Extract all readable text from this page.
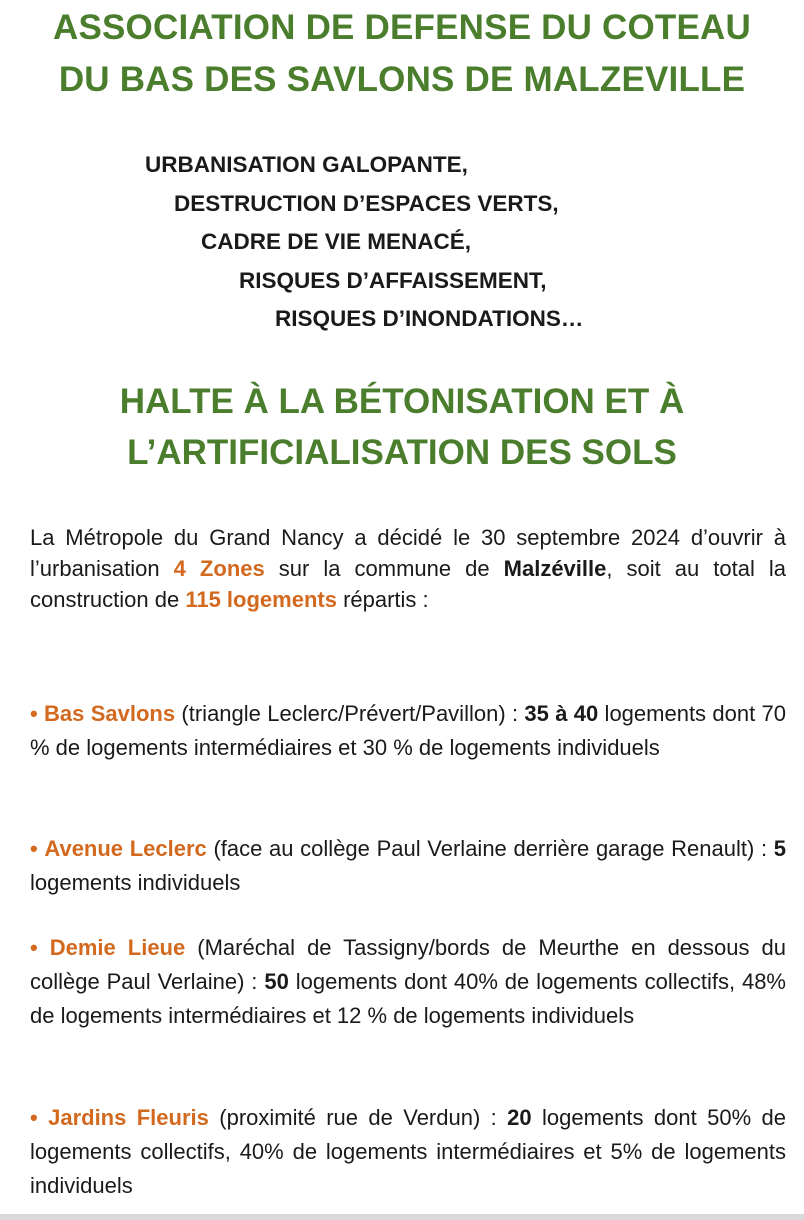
ASSOCIATION DE DEFENSE DU COTEAU
DU BAS DES SAVLONS DE MALZEVILLE
URBANISATION GALOPANTE,
DESTRUCTION D’ESPACES VERTS,
CADRE DE VIE MENACÉ,
RISQUES D’AFFAISSEMENT,
RISQUES D’INONDATIONS…
HALTE À LA BÉTONISATION ET À
L’ARTIFICIALISATION DES SOLS
La Métropole du Grand Nancy a décidé le 30 septembre 2024 d’ouvrir à l’urbanisation 4 Zones sur la commune de Malzéville, soit au total la construction de 115 logements répartis :

• Bas Savlons (triangle Leclerc/Prévert/Pavillon) : 35 à 40 logements dont 70 % de logements intermédiaires et 30 % de logements individuels

• Avenue Leclerc (face au collège Paul Verlaine derrière garage Renault) : 5 logements individuels

• Demie Lieue (Maréchal de Tassigny/bords de Meurthe en dessous du collège Paul Verlaine) : 50 logements dont 40% de logements collectifs, 48% de logements intermédiaires et 12 % de logements individuels

• Jardins Fleuris (proximité rue de Verdun) : 20 logements dont 50% de logements collectifs, 40% de logements intermédiaires et 5% de logements individuels
